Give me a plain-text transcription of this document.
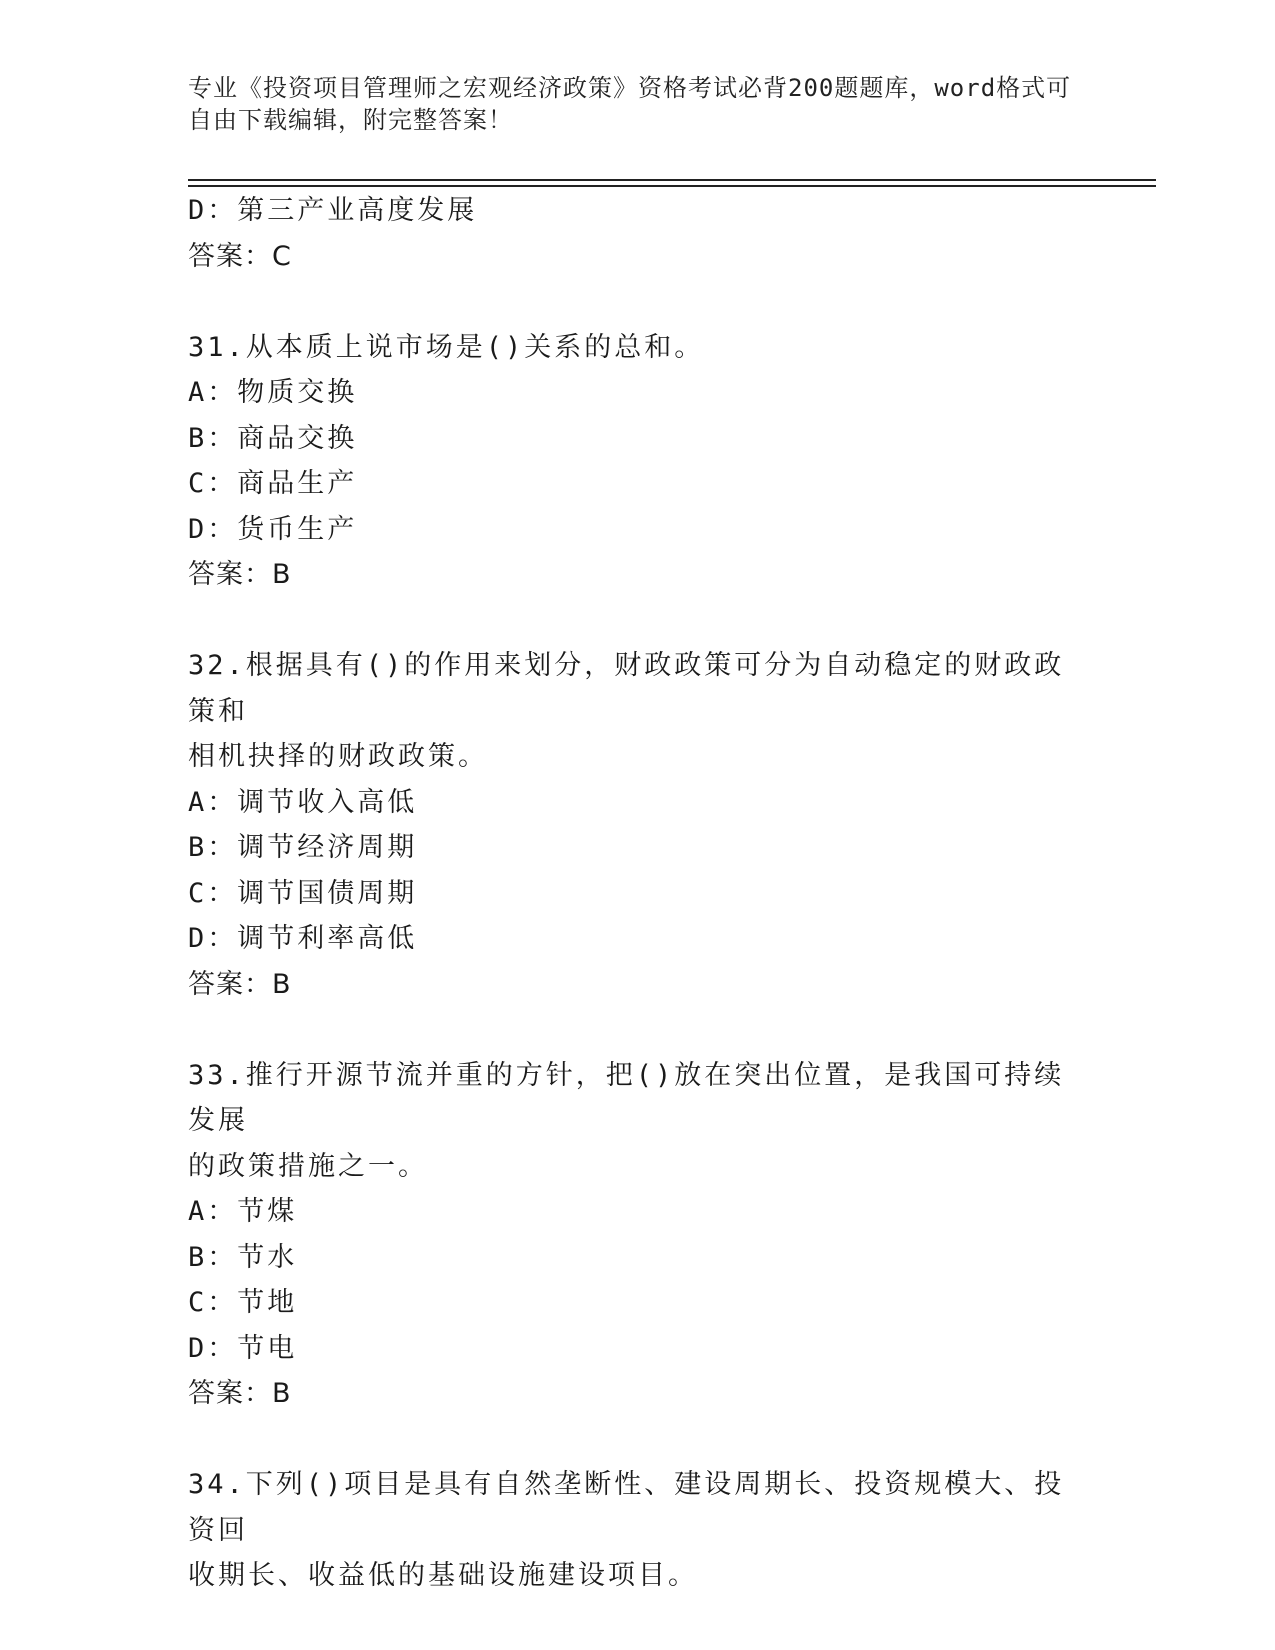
专业《投资项目管理师之宏观经济政策》资格考试必背200题题库，word格式可
自由下载编辑，附完整答案！
D：第三产业高度发展
答案：C
31.从本质上说市场是()关系的总和。
A：物质交换
B：商品交换
C：商品生产
D：货币生产
答案：B
32.根据具有()的作用来划分，财政政策可分为自动稳定的财政政策和
相机抉择的财政政策。
A：调节收入高低
B：调节经济周期
C：调节国债周期
D：调节利率高低
答案：B
33.推行开源节流并重的方针，把()放在突出位置，是我国可持续发展
的政策措施之一。
A：节煤
B：节水
C：节地
D：节电
答案：B
34.下列()项目是具有自然垄断性、建设周期长、投资规模大、投资回
收期长、收益低的基础设施建设项目。
